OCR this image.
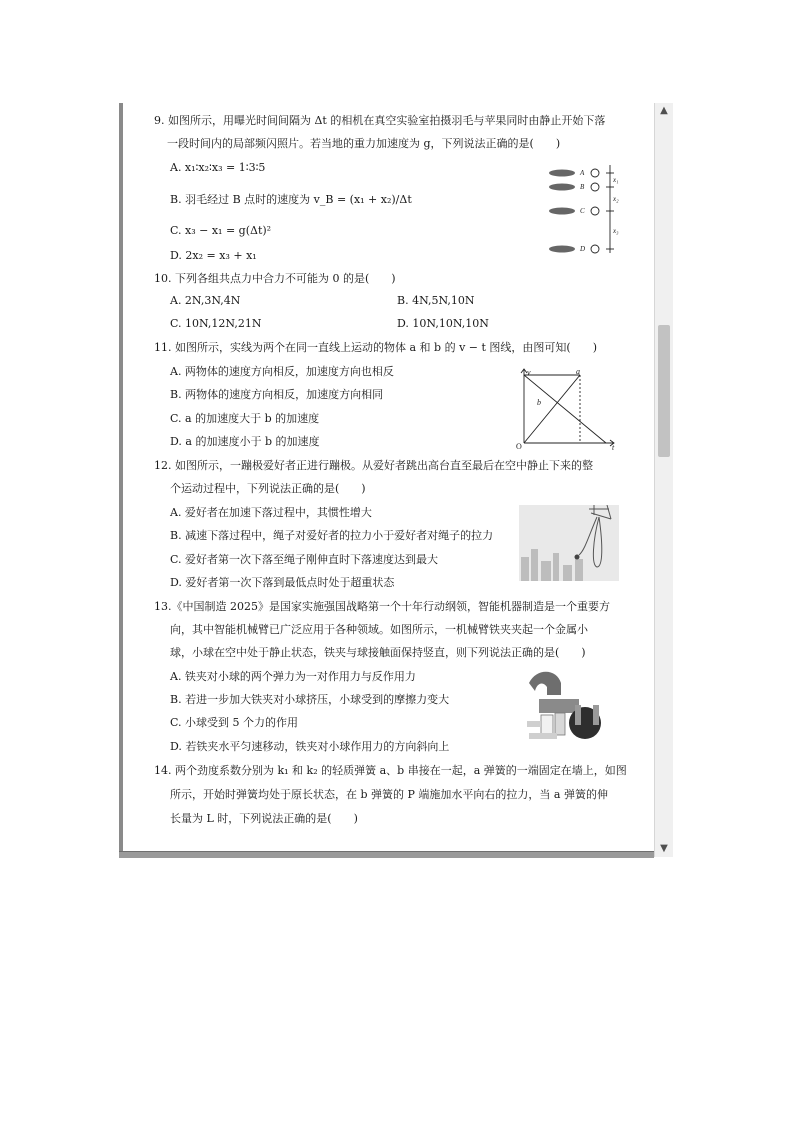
9. 如图所示，用曝光时间间隔为 Δt 的相机在真空实验室拍摄羽毛与苹果同时由静止开始下落
一段时间内的局部频闪照片。若当地的重力加速度为 g，下列说法正确的是(　　)
A. x₁∶x₂∶x₃ = 1∶3∶5
B. 羽毛经过 B 点时的速度为 v_B = (x₁ + x₂)/Δt
C. x₃ − x₁ = g(Δt)²
D. 2x₂ = x₃ + x₁
A
B
C
D
x₁
x₂
x₃
10. 下列各组共点力中合力不可能为 0 的是(　　)
A. 2N,3N,4N	B. 4N,5N,10N
C. 10N,12N,21N	D. 10N,10N,10N
11. 如图所示，实线为两个在同一直线上运动的物体 a 和 b 的 v − t 图线，由图可知(　　)
A. 两物体的速度方向相反，加速度方向也相反
B. 两物体的速度方向相反，加速度方向相同
C. a 的加速度大于 b 的加速度
D. a 的加速度小于 b 的加速度
v
t
O
a
b
12. 如图所示，一蹦极爱好者正进行蹦极。从爱好者跳出高台直至最后在空中静止下来的整
个运动过程中，下列说法正确的是(　　)
A. 爱好者在加速下落过程中，其惯性增大
B. 减速下落过程中，绳子对爱好者的拉力小于爱好者对绳子的拉力
C. 爱好者第一次下落至绳子刚伸直时下落速度达到最大
D. 爱好者第一次下落到最低点时处于超重状态
13.《中国制造 2025》是国家实施强国战略第一个十年行动纲领，智能机器制造是一个重要方
向，其中智能机械臂已广泛应用于各种领域。如图所示，一机械臂铁夹夹起一个金属小
球，小球在空中处于静止状态，铁夹与球接触面保持竖直，则下列说法正确的是(　　)
A. 铁夹对小球的两个弹力为一对作用力与反作用力
B. 若进一步加大铁夹对小球挤压，小球受到的摩擦力变大
C. 小球受到 5 个力的作用
D. 若铁夹水平匀速移动，铁夹对小球作用力的方向斜向上
14. 两个劲度系数分别为 k₁ 和 k₂ 的轻质弹簧 a、b 串接在一起，a 弹簧的一端固定在墙上，如图
所示，开始时弹簧均处于原长状态，在 b 弹簧的 P 端施加水平向右的拉力，当 a 弹簧的伸
长量为 L 时，下列说法正确的是(　　)
▲
▼
